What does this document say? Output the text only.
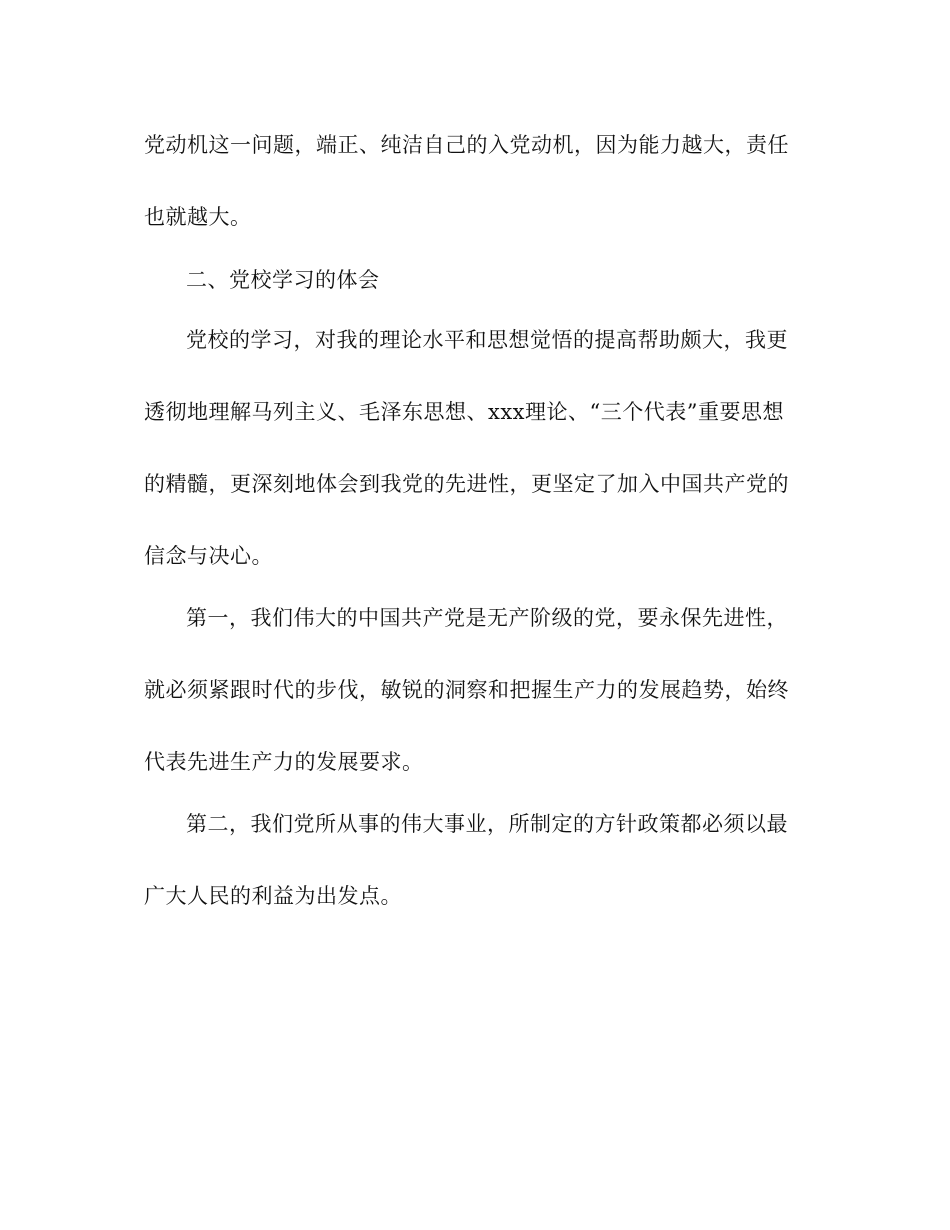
党动机这一问题，端正、纯洁自己的入党动机，因为能力越大，责任
也就越大。
二、党校学习的体会
党校的学习，对我的理论水平和思想觉悟的提高帮助颇大，我更
透彻地理解马列主义、毛泽东思想、xxx理论、“三个代表”重要思想
的精髓，更深刻地体会到我党的先进性，更坚定了加入中国共产党的
信念与决心。
第一，我们伟大的中国共产党是无产阶级的党，要永保先进性，
就必须紧跟时代的步伐，敏锐的洞察和把握生产力的发展趋势，始终
代表先进生产力的发展要求。
第二，我们党所从事的伟大事业，所制定的方针政策都必须以最
广大人民的利益为出发点。
